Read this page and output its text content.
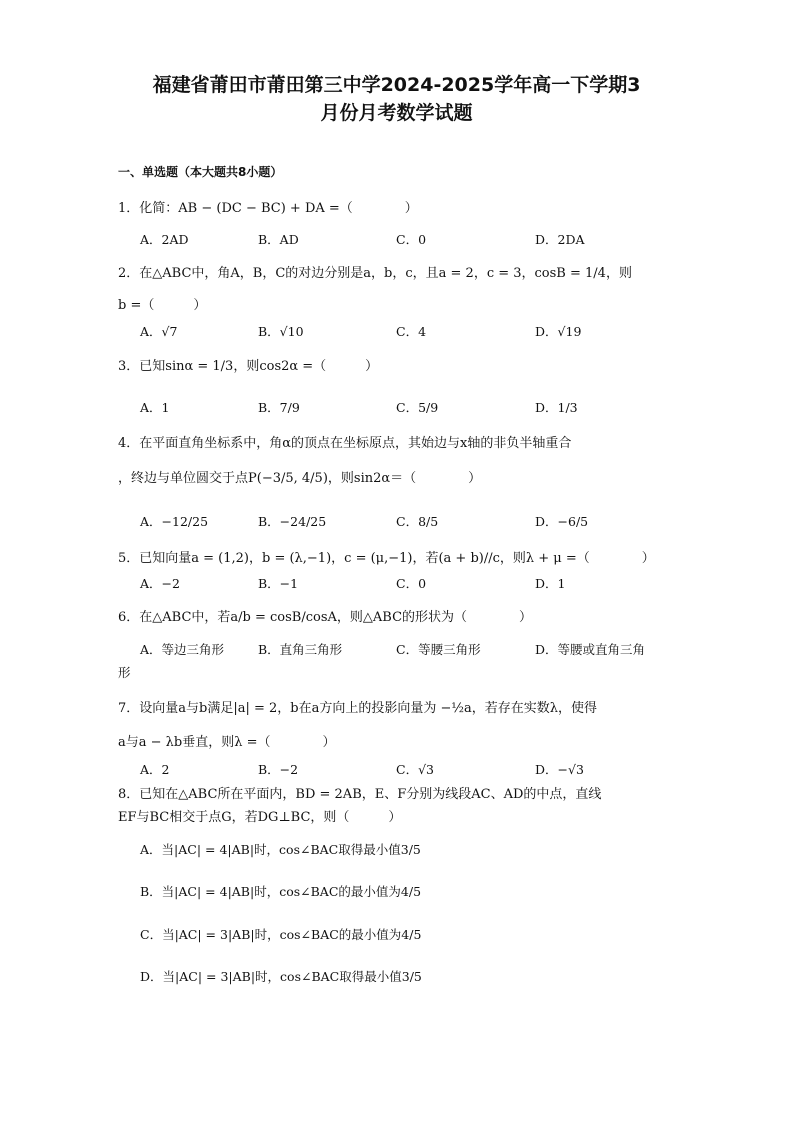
福建省莆田市莆田第三中学2024-2025学年高一下学期3
月份月考数学试题
一、单选题（本大题共8小题）
1．化简：AB − (DC − BC) + DA =（　　　　）
A．2AD	B．AD	C．0	D．2DA
2．在△ABC中，角A，B，C的对边分别是a，b，c，且a = 2，c = 3，cosB = 1/4，则
b =（　　　）
A．√7	B．√10	C．4	D．√19
3．已知sinα = 1/3，则cos2α =（　　　）
A．1	B．7/9	C．5/9	D．1/3
4．在平面直角坐标系中，角α的顶点在坐标原点，其始边与x轴的非负半轴重合
，终边与单位圆交于点P(−3/5, 4/5)，则sin2α＝（　　　　）
A．−12/25	B．−24/25	C．8/5	D．−6/5
5．已知向量a = (1,2)，b = (λ,−1)，c = (μ,−1)，若(a + b)//c，则λ + μ =（　　　　）
A．−2	B．−1	C．0	D．1
6．在△ABC中，若a/b = cosB/cosA，则△ABC的形状为（　　　　）
A．等边三角形	B．直角三角形	C．等腰三角形	D．等腰或直角三角
形
7．设向量a与b满足|a| = 2，b在a方向上的投影向量为 −½a，若存在实数λ，使得
a与a − λb垂直，则λ =（　　　　）
A．2	B．−2	C．√3	D．−√3
8．已知在△ABC所在平面内，BD = 2AB，E、F分别为线段AC、AD的中点，直线
EF与BC相交于点G，若DG⊥BC，则（　　　）
A．当|AC| = 4|AB|时，cos∠BAC取得最小值3/5
B．当|AC| = 4|AB|时，cos∠BAC的最小值为4/5
C．当|AC| = 3|AB|时，cos∠BAC的最小值为4/5
D．当|AC| = 3|AB|时，cos∠BAC取得最小值3/5
